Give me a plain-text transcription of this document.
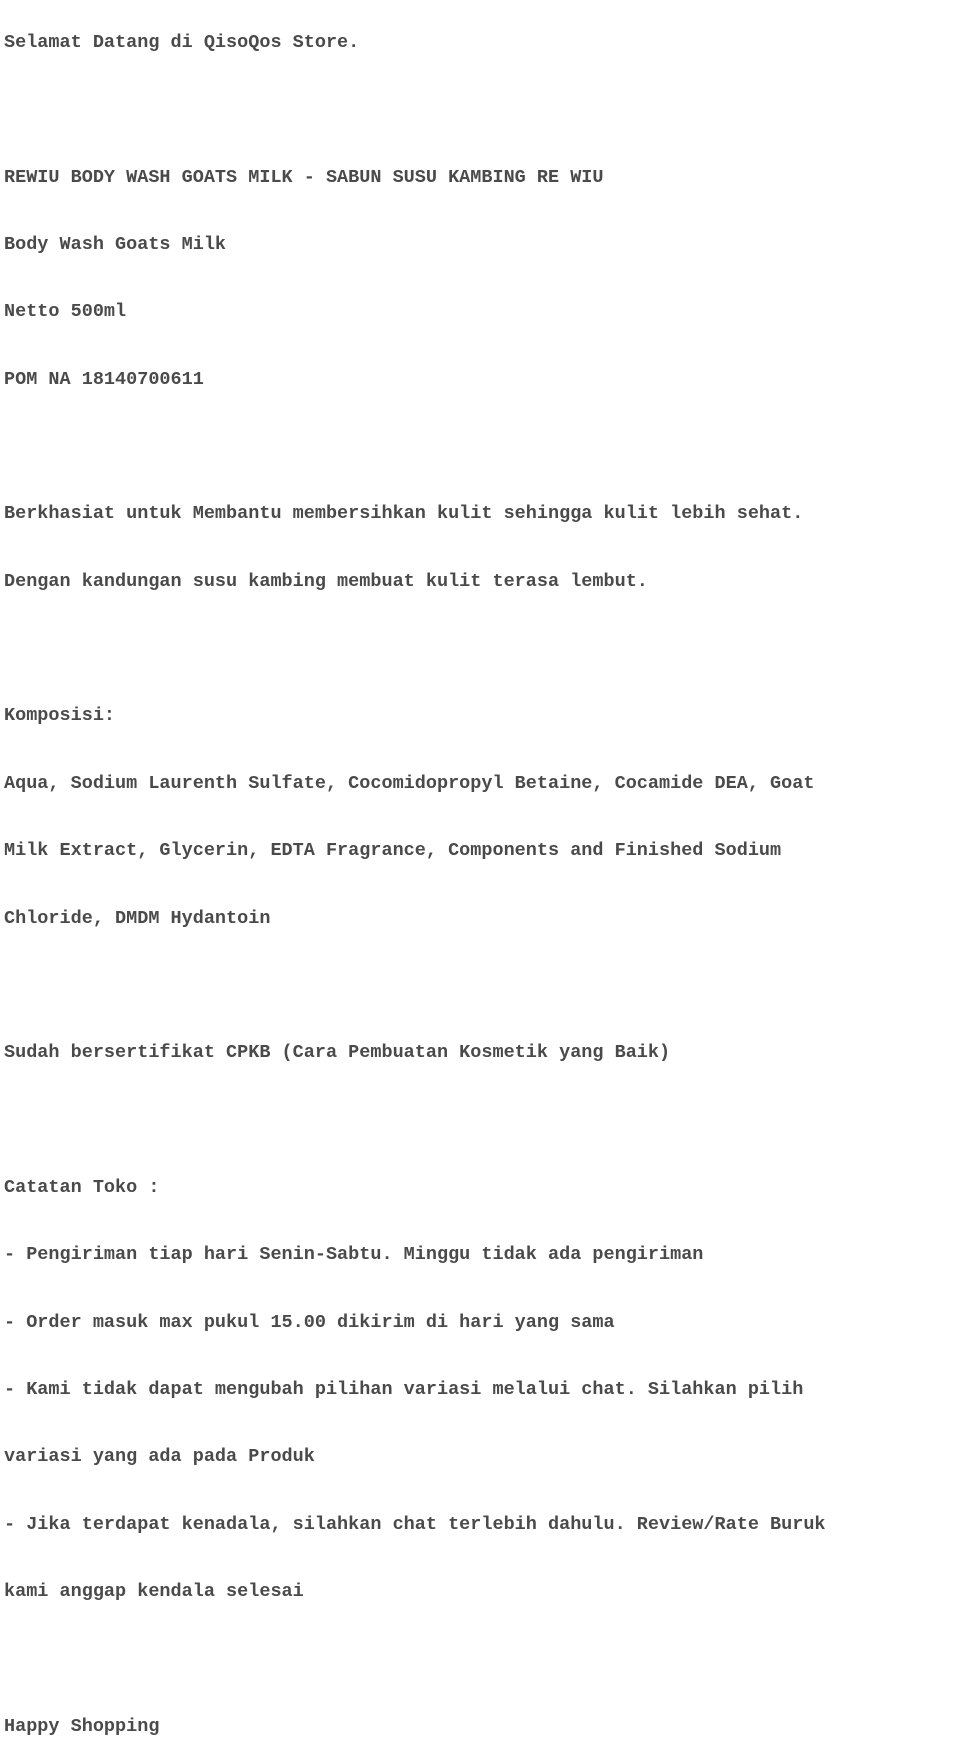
Selamat Datang di QisoQos Store.

REWIU BODY WASH GOATS MILK - SABUN SUSU KAMBING RE WIU

Body Wash Goats Milk

Netto 500ml

POM NA 18140700611

Berkhasiat untuk Membantu membersihkan kulit sehingga kulit lebih sehat.

Dengan kandungan susu kambing membuat kulit terasa lembut.

Komposisi:

Aqua, Sodium Laurenth Sulfate, Cocomidopropyl Betaine, Cocamide DEA, Goat

Milk Extract, Glycerin, EDTA Fragrance, Components and Finished Sodium

Chloride, DMDM Hydantoin

Sudah bersertifikat CPKB (Cara Pembuatan Kosmetik yang Baik)

Catatan Toko :

- Pengiriman tiap hari Senin-Sabtu. Minggu tidak ada pengiriman

- Order masuk max pukul 15.00 dikirim di hari yang sama

- Kami tidak dapat mengubah pilihan variasi melalui chat. Silahkan pilih

variasi yang ada pada Produk

- Jika terdapat kenadala, silahkan chat terlebih dahulu. Review/Rate Buruk

kami anggap kendala selesai

Happy Shopping
